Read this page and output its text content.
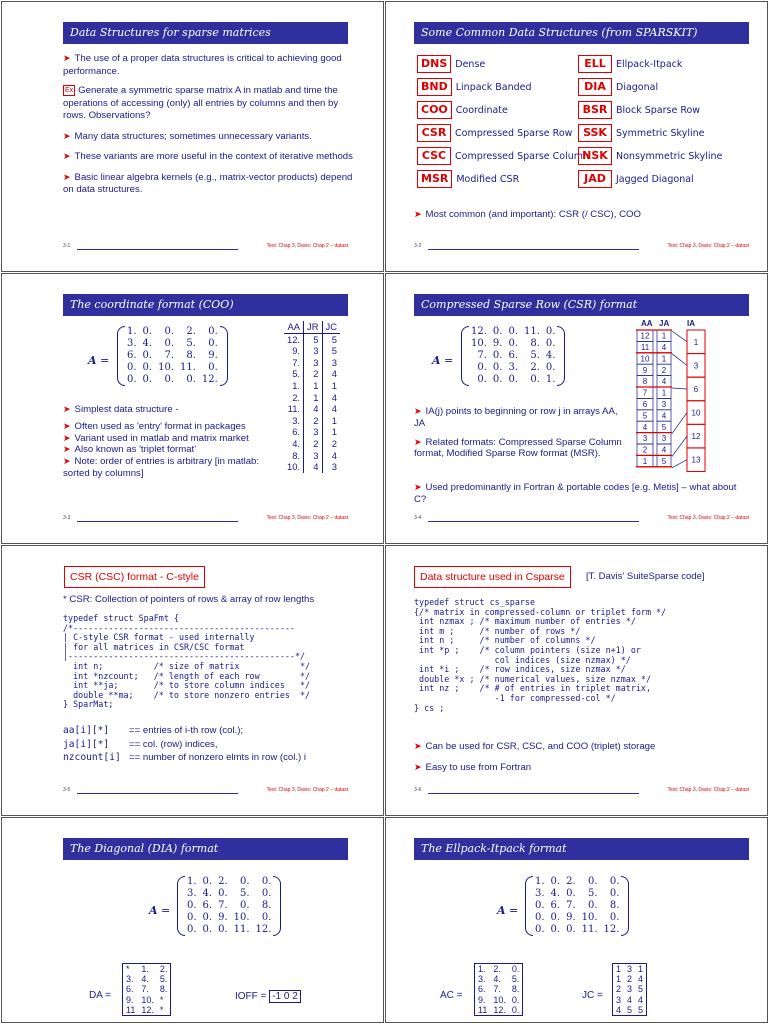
Data Structures for sparse matrices
➤ The use of a proper data structures is critical to achieving good performance.
Ex Generate a symmetric sparse matrix A in matlab and time the operations of accessing (only) all entries by columns and then by rows. Observations?
➤ Many data structures; sometimes unnecessary variants.
➤ These variants are more useful in the context of iterative methods
➤ Basic linear algebra kernels (e.g., matrix-vector products) depend on data structures.
3-1	Text: Chap 3, Davis: Chap 2 – datast
Some Common Data Structures (from SPARSKIT)
DNS Dense
BND Linpack Banded
COO Coordinate
CSR Compressed Sparse Row
CSC Compressed Sparse Column
MSR Modified CSR
ELL	Ellpack-Itpack
DIA	Diagonal
BSR Block Sparse Row
SSK Symmetric Skyline
NSK Nonsymmetric Skyline
JAD	Jagged Diagonal
➤ Most common (and important): CSR (/ CSC), COO
3-2	Text: Chap 3, Davis: Chap 2 – datast
The coordinate format (COO)
A =
1.	0.	0.	2.	0.
3.	4.	0.	5.	0.
6.	0.	7.	8.	9.
0.	0.	10.	11.	0.
0.	0.	0.	0.	12.
AA	JR	JC
12.	5	5
9.	3	5
7.	3	3
5.	2	4
1.	1	1
2.	1	4
11.	4	4
3.	2	1
6.	3	1
4.	2	2
8.	3	4
10.	4	3
➤ Simplest data structure -
➤ Often used as 'entry' format in packages
➤ Variant used in matlab and matrix market
➤ Also known as 'triplet format'
➤ Note: order of entries is arbitrary [in matlab: sorted by columns]
3-3	Text: Chap 3, Davis: Chap 2 – datast
Compressed Sparse Row (CSR) format
A =
12.	0.	0.	11.	0.
10.	9.	0.	8.	0.
7.	0.	6.	5.	4.
0.	0.	3.	2.	0.
0.	0.	0.	0.	1.
AA JA IA
12 1
11 4
10 1
9 2
8 4
7 1
6 3
5 4
4 5
3 3
2 4
1 5
1
3
6
10
12
13
➤ IA(j) points to beginning or row j in arrays AA, JA
➤ Related formats: Compressed Sparse Column format, Modified Sparse Row format (MSR).
➤ Used predominantly in Fortran & portable codes [e.g. Metis] – what about C?
3-4	Text: Chap 3, Davis: Chap 2 – datast
CSR (CSC) format - C-style
* CSR: Collection of pointers of rows & array of row lengths
typedef struct SpaFmt {
/*--------------------------------------------
| C-style CSR format - used internally
| for all matrices in CSR/CSC format
|---------------------------------------------*/
int n;          /* size of matrix            */
int *nzcount;   /* length of each row        */
int **ja;       /* to store column indices   */
double **ma;    /* to store nonzero entries  */
} SparMat;
aa[i][*] == entries of i-th row (col.);
ja[i][*] == col. (row) indices,
nzcount[i] == number of nonzero elmts in row (col.) i
3-5	Text: Chap 3, Davis: Chap 2 – datast
Data structure used in Csparse	[T. Davis' SuiteSparse code]
typedef struct cs_sparse
{/* matrix in compressed-column or triplet form */
int nzmax ; /* maximum number of entries */
int m ;     /* number of rows */
int n ;     /* number of columns */
int *p ;    /* column pointers (size n+1) or
col indices (size nzmax) */
int *i ;    /* row indices, size nzmax */
double *x ; /* numerical values, size nzmax */
int nz ;    /* # of entries in triplet matrix,
-1 for compressed-col */
} cs ;
➤ Can be used for CSR, CSC, and COO (triplet) storage
➤ Easy to use from Fortran
3-6	Text: Chap 3, Davis: Chap 2 – datast
The Diagonal (DIA) format
A =
1.	0.	2.	0.	0.
3.	4.	0.	5.	0.
0.	6.	7.	0.	8.
0.	0.	9.	10.	0.
0.	0.	0.	11.	12.
DA =
*	1.	2.
3.	4.	5.
6.	7.	8.
9.	10.	*
11	12.	*
IOFF = -1 0 2
The Ellpack-Itpack format
A =
1.	0.	2.	0.	0.
3.	4.	0.	5.	0.
0.	6.	7.	0.	8.
0.	0.	9.	10.	0.
0.	0.	0.	11.	12.
AC =
1.	2.	0.
3.	4.	5.
6.	7.	8.
9.	10.	0.
11	12.	0.
JC =
1	3	1
1	2	4
2	3	5
3	4	4
4	5	5
